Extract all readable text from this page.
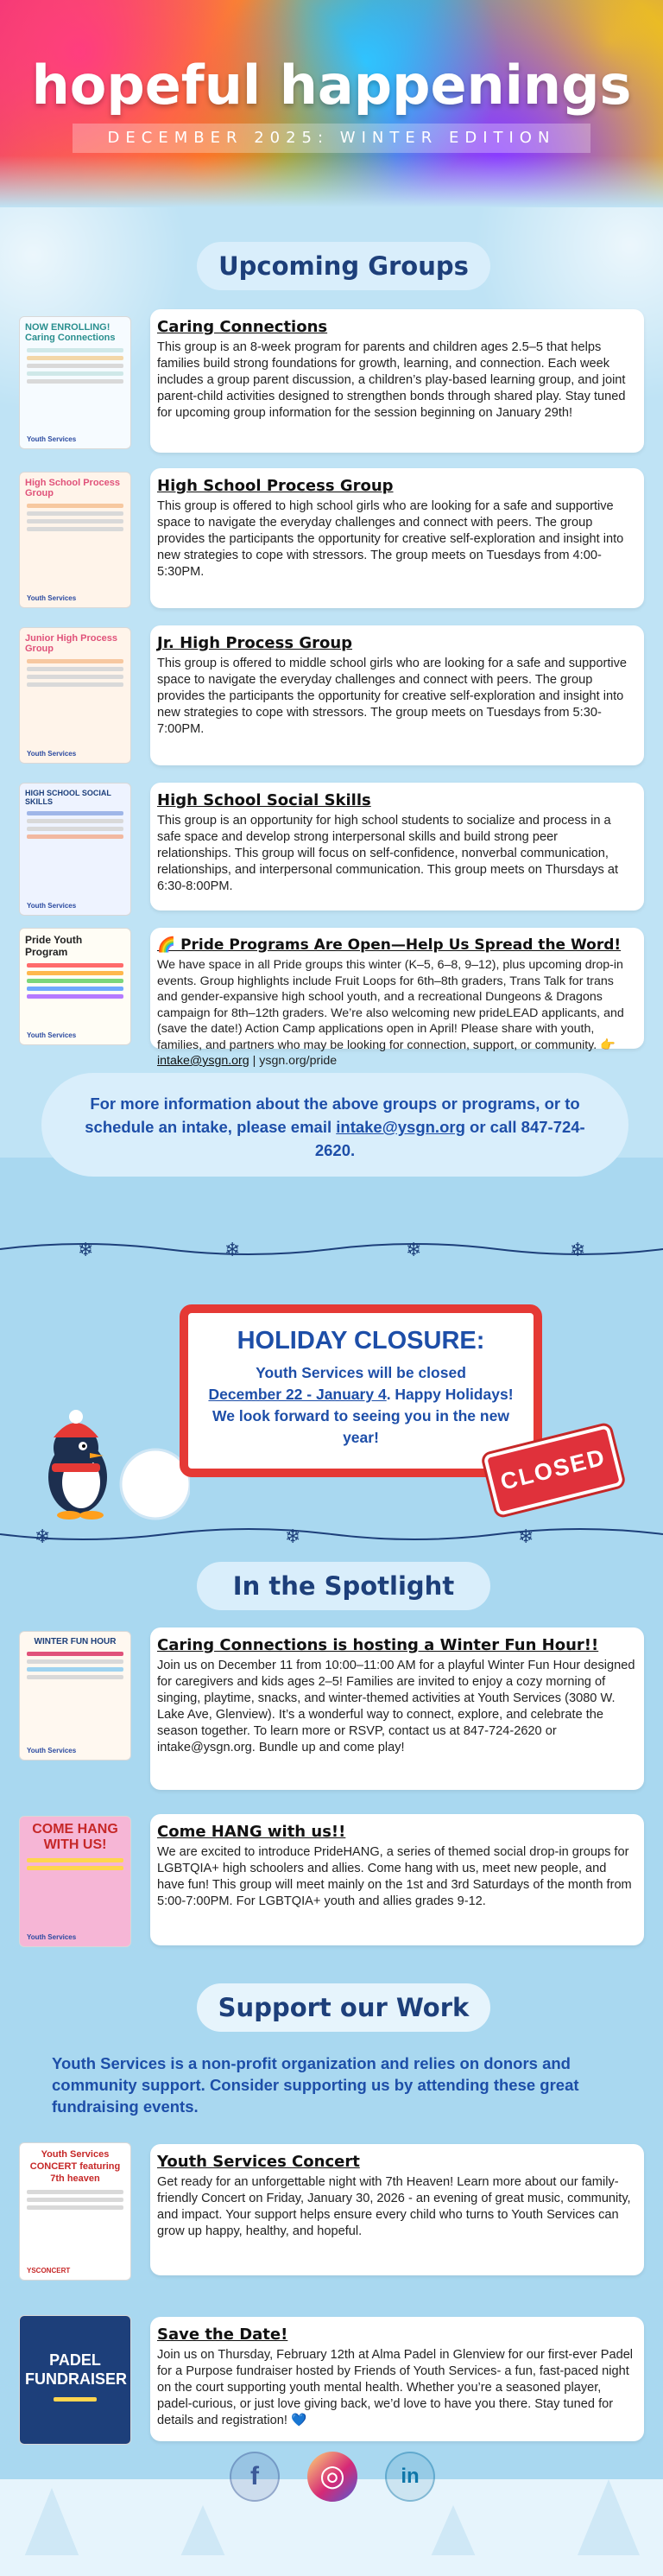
hopeful happenings
DECEMBER 2025: WINTER EDITION
Upcoming Groups
NOW ENROLLING! Caring Connections
Youth Services
Caring Connections

This group is an 8-week program for parents and children ages 2.5–5 that helps families build strong foundations for growth, learning, and connection. Each week includes a group parent discussion, a children’s play-based learning group, and joint parent-child activities designed to strengthen bonds through shared play. Stay tuned for upcoming group information for the session beginning on January 29th!

High School Process Group
Youth Services
High School Process Group

This group is offered to high school girls who are looking for a safe and supportive space to navigate the everyday challenges and connect with peers. The group provides the participants the opportunity for creative self-exploration and insight into new strategies to cope with stressors. The group meets on Tuesdays from 4:00-5:30PM.

Junior High Process Group
Youth Services
Jr. High Process Group

This group is offered to middle school girls who are looking for a safe and supportive space to navigate the everyday challenges and connect with peers. The group provides the participants the opportunity for creative self-exploration and insight into new strategies to cope with stressors. The group meets on Tuesdays from 5:30-7:00PM.

HIGH SCHOOL SOCIAL SKILLS
Youth Services
High School Social Skills

This group is an opportunity for high school students to socialize and process in a safe space and develop strong interpersonal skills and build strong peer relationships. This group will focus on self-confidence, nonverbal communication, relationships, and interpersonal communication. This group meets on Thursdays at 6:30-8:00PM.

Pride Youth Program
Youth Services
🌈 Pride Programs Are Open—Help Us Spread the Word!

We have space in all Pride groups this winter (K–5, 6–8, 9–12), plus upcoming drop-in events. Group highlights include Fruit Loops for 6th–8th graders, Trans Talk for trans and gender-expansive high school youth, and a recreational Dungeons & Dragons campaign for 8th–12th graders. We’re also welcoming new prideLEAD applicants, and (save the date!) Action Camp applications open in April! Please share with youth, families, and partners who may be looking for connection, support, or community. 👉 intake@ysgn.org | ysgn.org/pride

For more information about the above groups or programs, or to schedule an intake, please email intake@ysgn.org or call 847-724-2620.
❄	❄	❄	❄
HOLIDAY CLOSURE:
Youth Services will be closed
December 22 - January 4. Happy Holidays! We look forward to seeing you in the new year!
CLOSED
❄	❄	❄
In the Spotlight
WINTER FUN HOUR
Youth Services
Caring Connections is hosting a Winter Fun Hour!!

Join us on December 11 from 10:00–11:00 AM for a playful Winter Fun Hour designed for caregivers and kids ages 2–5! Families are invited to enjoy a cozy morning of singing, playtime, snacks, and winter-themed activities at Youth Services (3080 W. Lake Ave, Glenview). It’s a wonderful way to connect, explore, and celebrate the season together. To learn more or RSVP, contact us at 847-724-2620 or intake@ysgn.org. Bundle up and come play!

COME HANG WITH US!
Youth Services
Come HANG with us!!

We are excited to introduce PrideHANG, a series of themed social drop-in groups for LGBTQIA+ high schoolers and allies. Come hang with us, meet new people, and have fun! This group will meet mainly on the 1st and 3rd Saturdays of the month from 5:00-7:00PM. For LGBTQIA+ youth and allies grades 9-12.

Support our Work
Youth Services is a non-profit organization and relies on donors and community support. Consider supporting us by attending these great fundraising events.
Youth Services CONCERT featuring 7th heaven
YSCONCERT
Youth Services Concert

Get ready for an unforgettable night with 7th Heaven! Learn more about our family-friendly Concert on Friday, January 30, 2026 - an evening of great music, community, and impact. Your support helps ensure every child who turns to Youth Services can grow up happy, healthy, and hopeful.

PADEL FUNDRAISER
Save the Date!

Join us on Thursday, February 12th at Alma Padel in Glenview for our first-ever Padel for a Purpose fundraiser hosted by Friends of Youth Services- a fun, fast-paced night on the court supporting youth mental health. Whether you’re a seasoned player, padel-curious, or just love giving back, we’d love to have you there. Stay tuned for details and registration! 💙

f	◎	in
